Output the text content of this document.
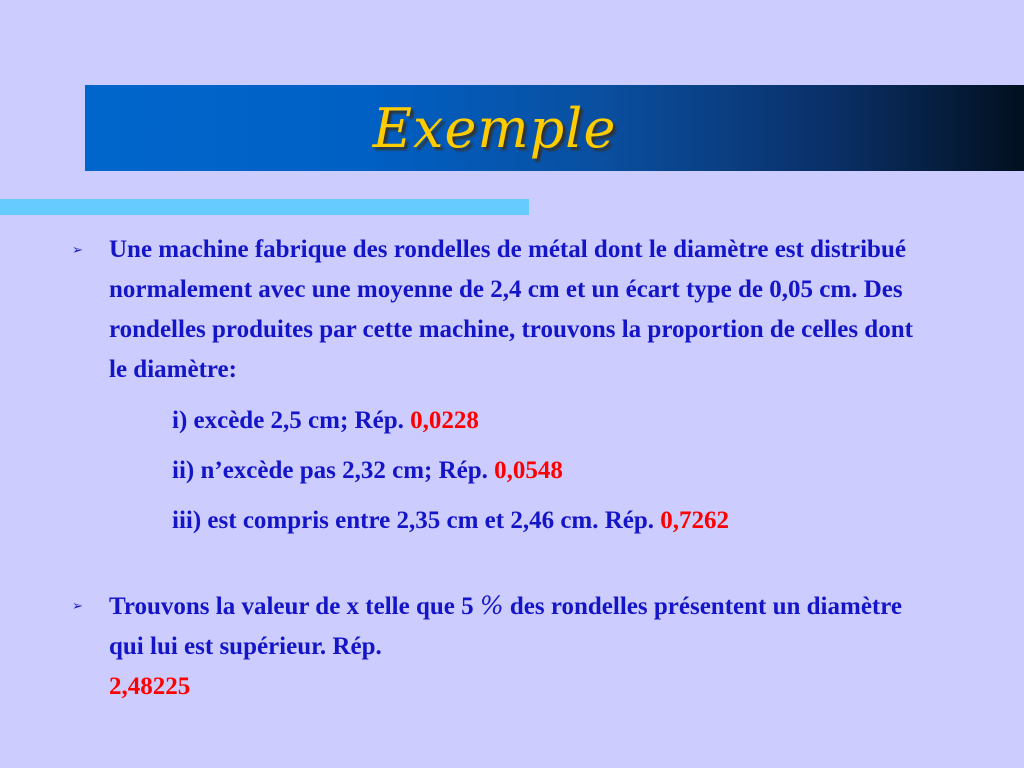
Exemple
➢	Une machine fabrique des rondelles de métal dont le diamètre est distribué normalement avec une moyenne de 2,4 cm et un écart type de 0,05 cm. Des rondelles produites par cette machine, trouvons la proportion de celles dont le diamètre:
i) excède 2,5 cm; Rép. 0,0228
ii) n’excède pas 2,32 cm; Rép. 0,0548
iii) est compris entre 2,35 cm et 2,46 cm. Rép. 0,7262
➢	Trouvons la valeur de x telle que 5 % des rondelles présentent un diamètre qui lui est supérieur. Rép.
2,48225
